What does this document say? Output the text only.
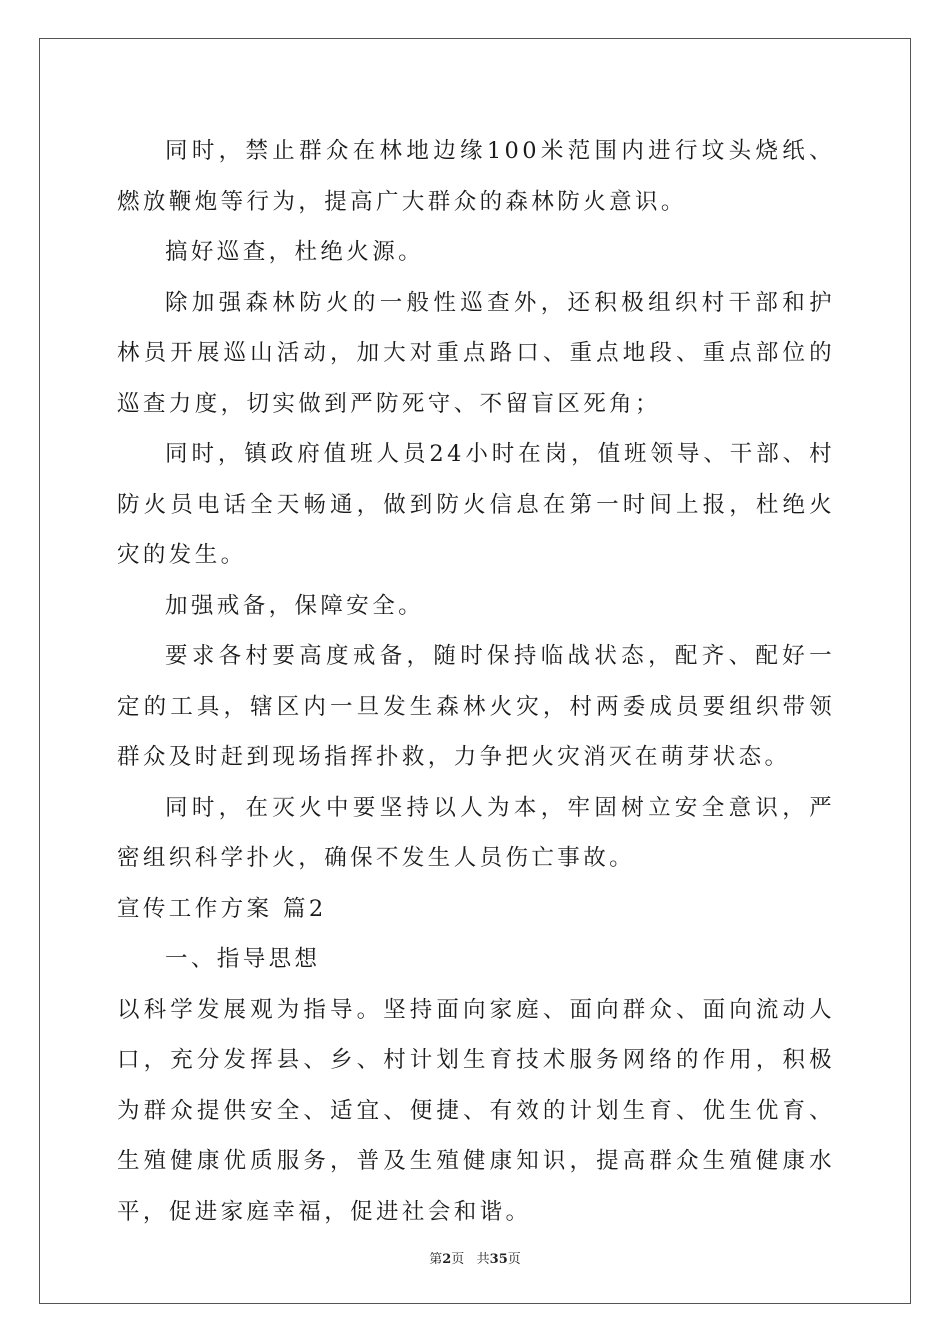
同时，禁止群众在林地边缘100米范围内进行坟头烧纸、燃放鞭炮等行为，提高广大群众的森林防火意识。

搞好巡查，杜绝火源。

除加强森林防火的一般性巡查外，还积极组织村干部和护林员开展巡山活动，加大对重点路口、重点地段、重点部位的巡查力度，切实做到严防死守、不留盲区死角；

同时，镇政府值班人员24小时在岗，值班领导、干部、村防火员电话全天畅通，做到防火信息在第一时间上报，杜绝火灾的发生。

加强戒备，保障安全。

要求各村要高度戒备，随时保持临战状态，配齐、配好一定的工具，辖区内一旦发生森林火灾，村两委成员要组织带领群众及时赶到现场指挥扑救，力争把火灾消灭在萌芽状态。

同时，在灭火中要坚持以人为本，牢固树立安全意识，严密组织科学扑火，确保不发生人员伤亡事故。

宣传工作方案 篇2

一、指导思想

以科学发展观为指导。坚持面向家庭、面向群众、面向流动人口，充分发挥县、乡、村计划生育技术服务网络的作用，积极为群众提供安全、适宜、便捷、有效的计划生育、优生优育、生殖健康优质服务，普及生殖健康知识，提高群众生殖健康水平，促进家庭幸福，促进社会和谐。

第2页   共35页
